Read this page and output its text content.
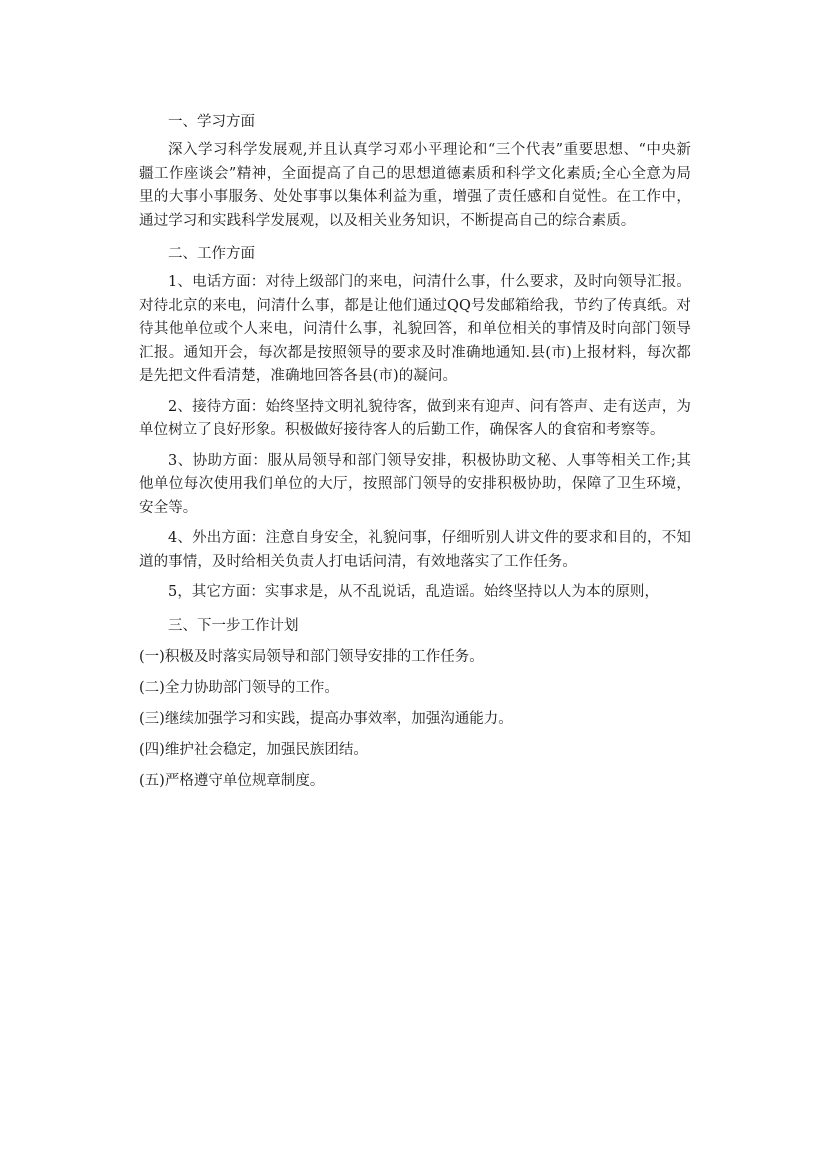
一、学习方面

深入学习科学发展观,并且认真学习邓小平理论和“三个代表”重要思想、“中央新疆工作座谈会”精神，全面提高了自己的思想道德素质和科学文化素质;全心全意为局里的大事小事服务、处处事事以集体利益为重，增强了责任感和自觉性。在工作中，通过学习和实践科学发展观，以及相关业务知识，不断提高自己的综合素质。

二、工作方面

1、电话方面：对待上级部门的来电，问清什么事，什么要求，及时向领导汇报。对待北京的来电，问清什么事，都是让他们通过QQ号发邮箱给我，节约了传真纸。对待其他单位或个人来电，问清什么事，礼貌回答，和单位相关的事情及时向部门领导汇报。通知开会，每次都是按照领导的要求及时准确地通知.县(市)上报材料，每次都是先把文件看清楚，准确地回答各县(市)的凝问。

2、接待方面：始终坚持文明礼貌待客，做到来有迎声、问有答声、走有送声，为单位树立了良好形象。积极做好接待客人的后勤工作，确保客人的食宿和考察等。

3、协助方面：服从局领导和部门领导安排，积极协助文秘、人事等相关工作;其他单位每次使用我们单位的大厅，按照部门领导的安排积极协助，保障了卫生环境，安全等。

4、外出方面：注意自身安全，礼貌问事，仔细听别人讲文件的要求和目的，不知道的事情，及时给相关负责人打电话问清，有效地落实了工作任务。

5，其它方面：实事求是，从不乱说话，乱造谣。始终坚持以人为本的原则，

三、下一步工作计划
(一)积极及时落实局领导和部门领导安排的工作任务。
(二)全力协助部门领导的工作。
(三)继续加强学习和实践，提高办事效率，加强沟通能力。
(四)维护社会稳定，加强民族团结。
(五)严格遵守单位规章制度。
